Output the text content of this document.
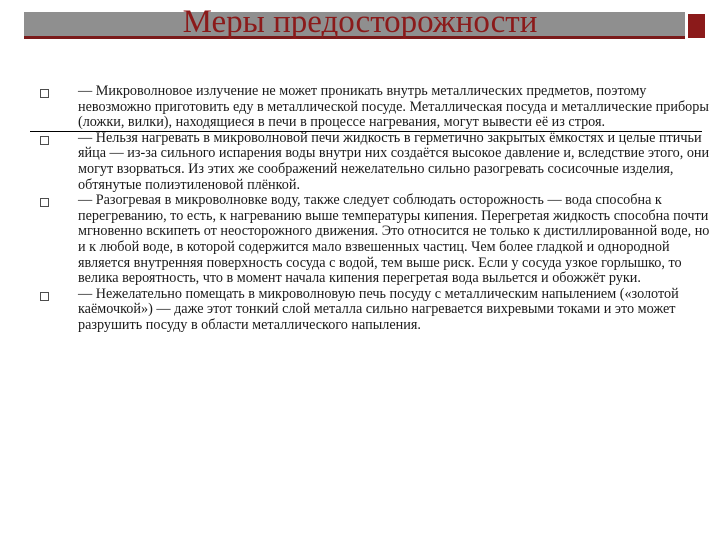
Меры предосторожности
— Микроволновое излучение не может проникать внутрь металлических предметов, поэтому невозможно приготовить еду в металлической посуде. Металлическая посуда и металлические приборы (ложки, вилки), находящиеся в печи в процессе нагревания, могут вывести её из строя.
— Нельзя нагревать в микроволновой печи жидкость в герметично закрытых ёмкостях и целые птичьи яйца — из-за сильного испарения воды внутри них создаётся высокое давление и, вследствие этого, они могут взорваться. Из этих же соображений нежелательно сильно разогревать сосисочные изделия, обтянутые полиэтиленовой плёнкой.
— Разогревая в микроволновке воду, также следует соблюдать осторожность — вода способна к перегреванию, то есть, к нагреванию выше температуры кипения. Перегретая жидкость способна почти мгновенно вскипеть от неосторожного движения. Это относится не только к дистиллированной воде, но и к любой воде, в которой содержится мало взвешенных частиц. Чем более гладкой и однородной является внутренняя поверхность сосуда с водой, тем выше риск. Если у сосуда узкое горлышко, то велика вероятность, что в момент начала кипения перегретая вода выльется и обожжёт руки.
— Нежелательно помещать в микроволновую печь посуду с металлическим напылением («золотой каёмочкой») — даже этот тонкий слой металла сильно нагревается вихревыми токами и это может разрушить посуду в области металлического напыления.
